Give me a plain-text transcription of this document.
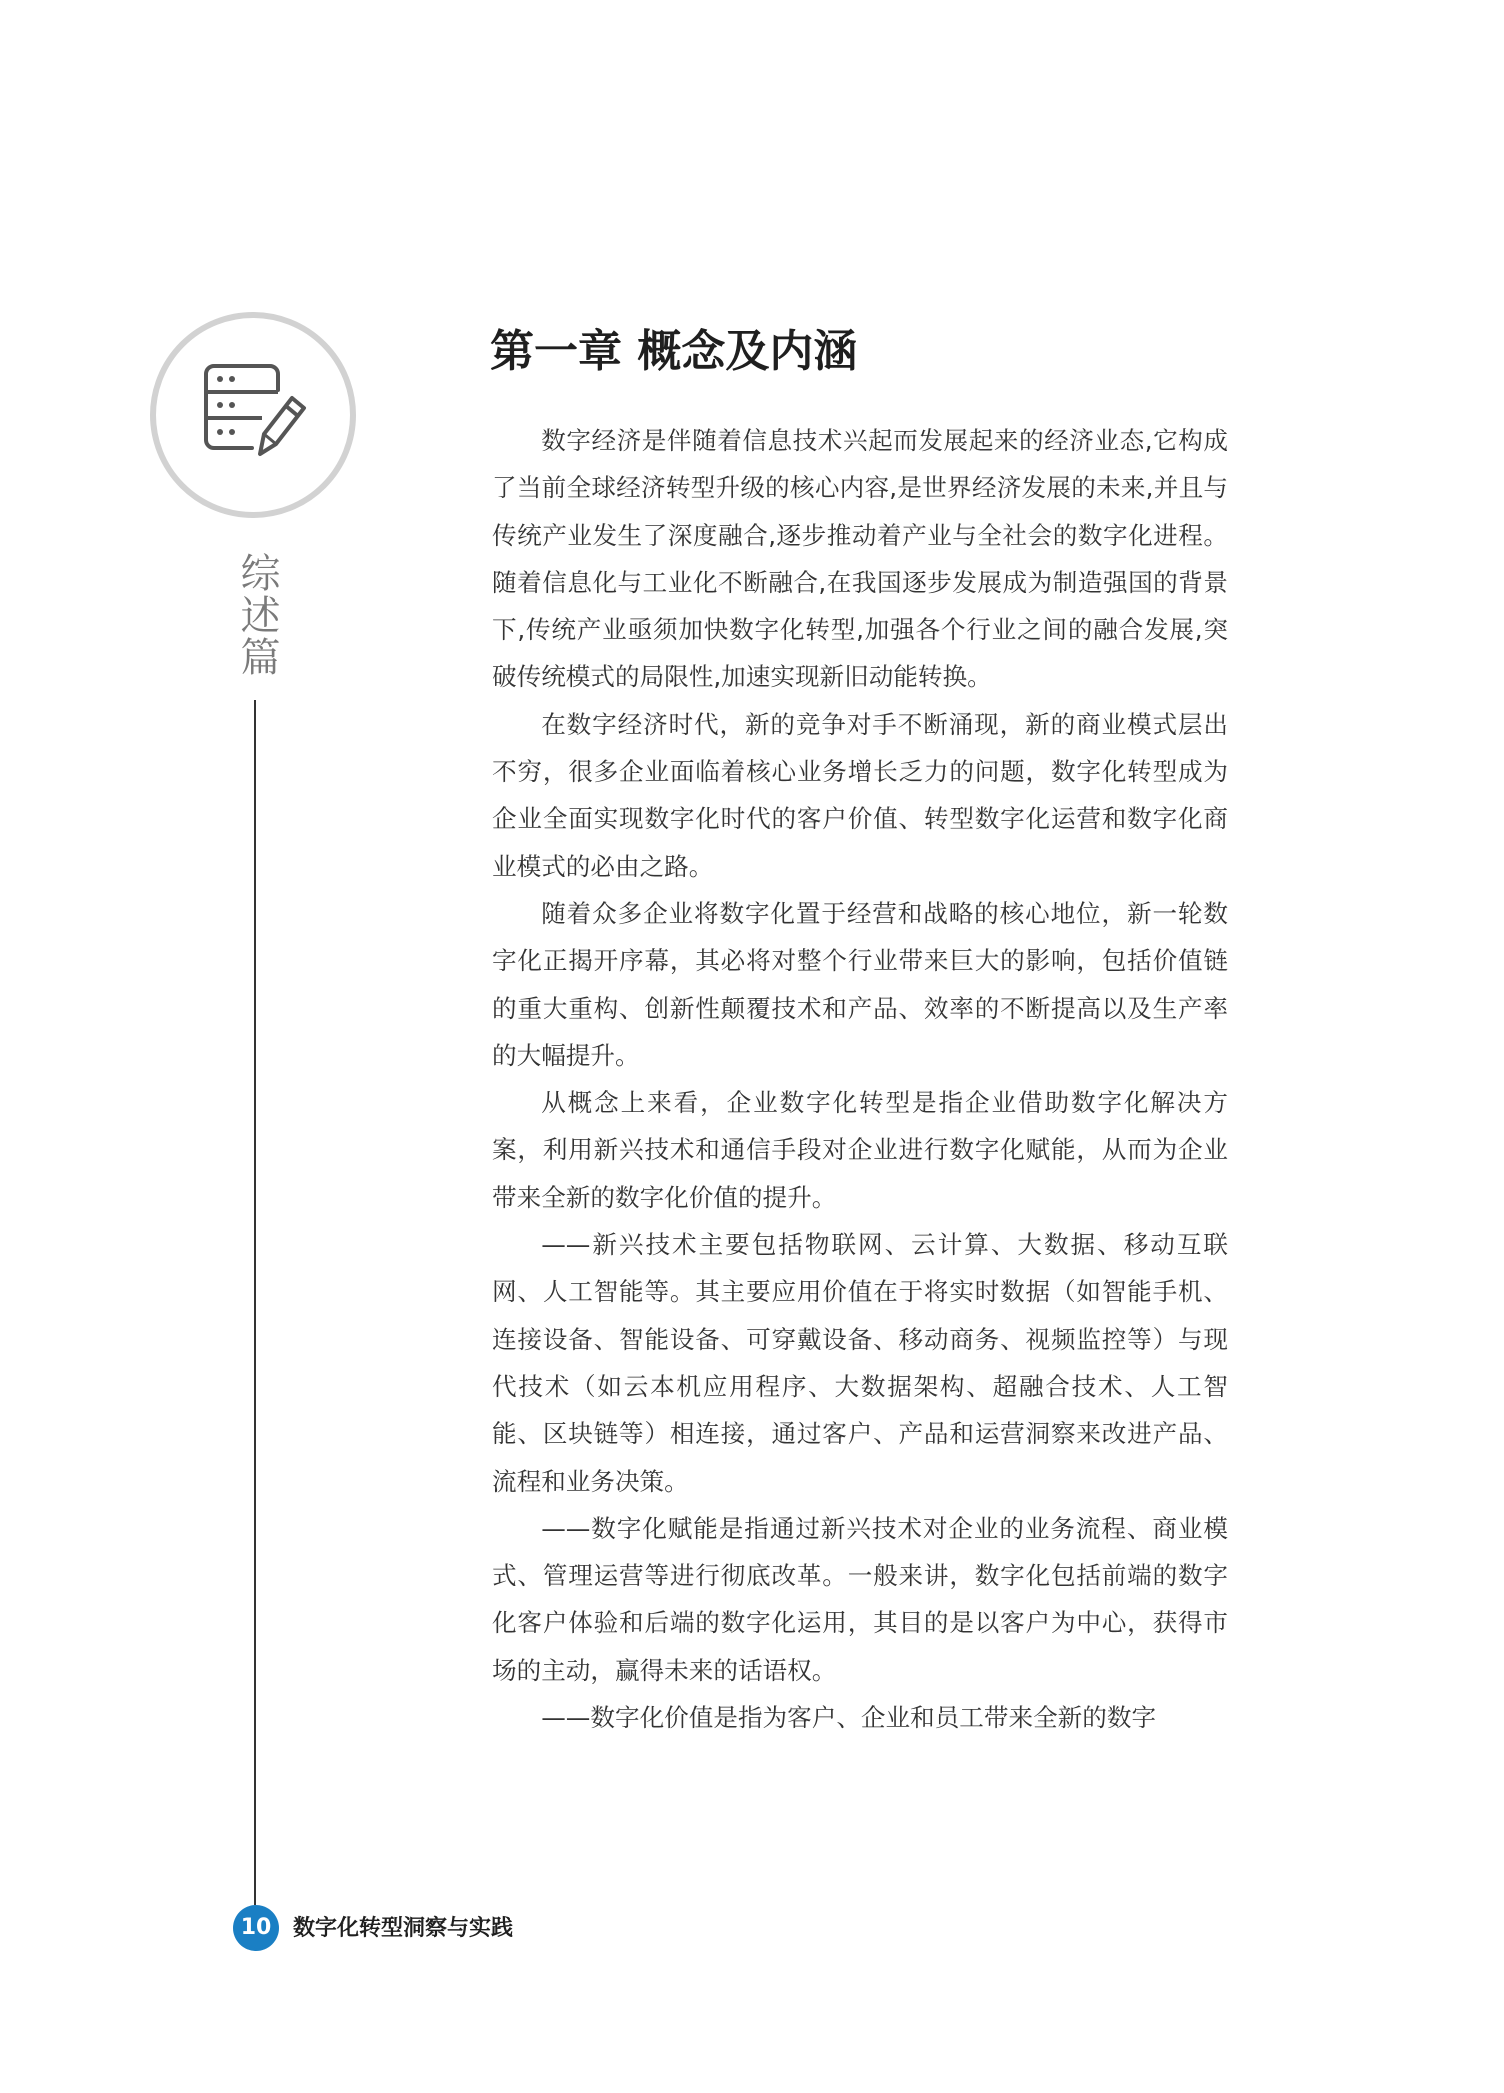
综述篇
第一章 概念及内涵

数字经济是伴随着信息技术兴起而发展起来的经济业态,它构成了当前全球经济转型升级的核心内容,是世界经济发展的未来,并且与传统产业发生了深度融合,逐步推动着产业与全社会的数字化进程。随着信息化与工业化不断融合,在我国逐步发展成为制造强国的背景下,传统产业亟须加快数字化转型,加强各个行业之间的融合发展,突破传统模式的局限性,加速实现新旧动能转换。

在数字经济时代，新的竞争对手不断涌现，新的商业模式层出不穷，很多企业面临着核心业务增长乏力的问题，数字化转型成为企业全面实现数字化时代的客户价值、转型数字化运营和数字化商业模式的必由之路。

随着众多企业将数字化置于经营和战略的核心地位，新一轮数字化正揭开序幕，其必将对整个行业带来巨大的影响，包括价值链的重大重构、创新性颠覆技术和产品、效率的不断提高以及生产率的大幅提升。

从概念上来看，企业数字化转型是指企业借助数字化解决方案，利用新兴技术和通信手段对企业进行数字化赋能，从而为企业带来全新的数字化价值的提升。

——新兴技术主要包括物联网、云计算、大数据、移动互联网、人工智能等。其主要应用价值在于将实时数据（如智能手机、连接设备、智能设备、可穿戴设备、移动商务、视频监控等）与现代技术（如云本机应用程序、大数据架构、超融合技术、人工智能、区块链等）相连接，通过客户、产品和运营洞察来改进产品、流程和业务决策。

——数字化赋能是指通过新兴技术对企业的业务流程、商业模式、管理运营等进行彻底改革。一般来讲，数字化包括前端的数字化客户体验和后端的数字化运用，其目的是以客户为中心，获得市场的主动，赢得未来的话语权。

——数字化价值是指为客户、企业和员工带来全新的数字

10 数字化转型洞察与实践
